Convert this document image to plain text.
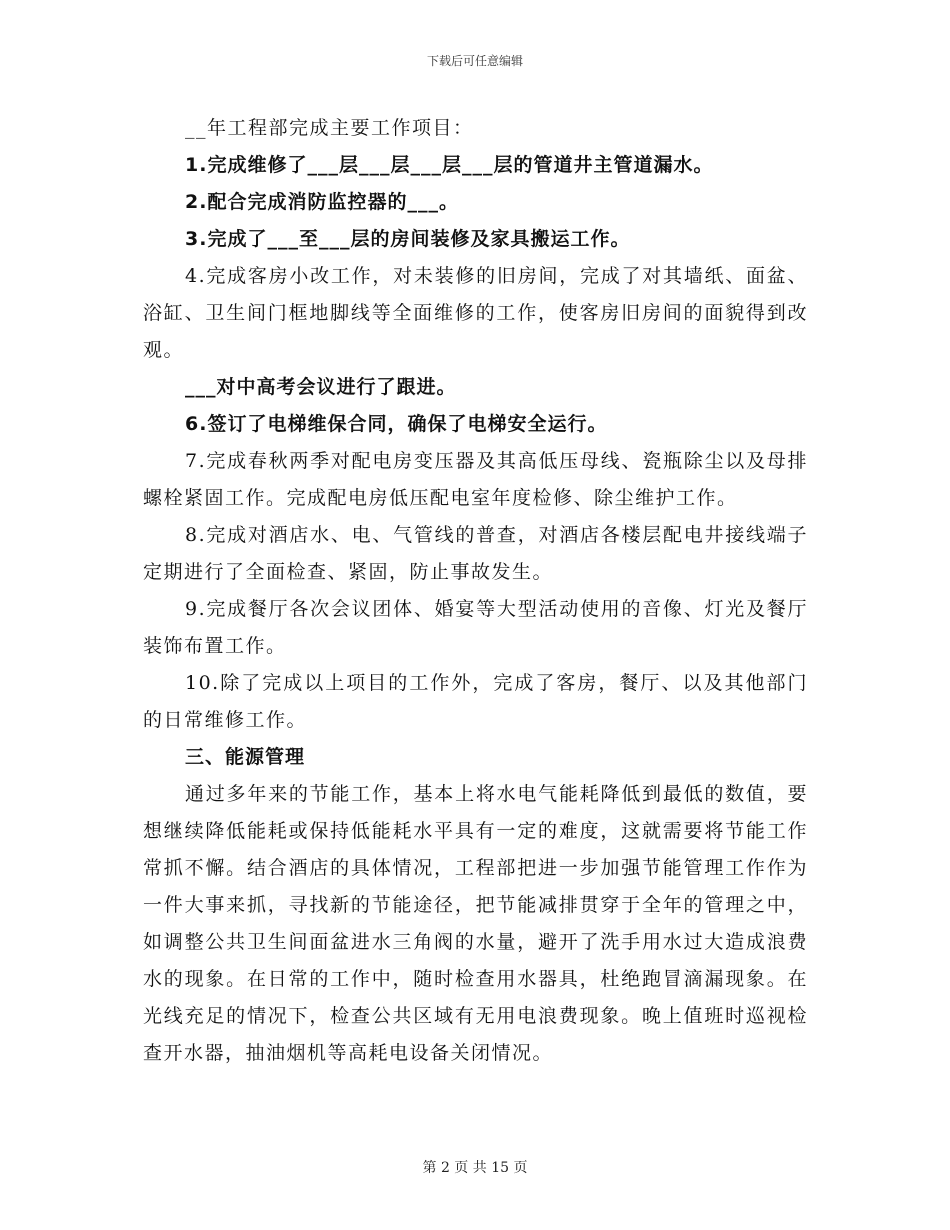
下载后可任意编辑

__年工程部完成主要工作项目：

1.完成维修了___层___层___层___层的管道井主管道漏水。

2.配合完成消防监控器的___。

3.完成了___至___层的房间装修及家具搬运工作。

4.完成客房小改工作，对未装修的旧房间，完成了对其墙纸、面盆、浴缸、卫生间门框地脚线等全面维修的工作，使客房旧房间的面貌得到改观。

___对中高考会议进行了跟进。

6.签订了电梯维保合同，确保了电梯安全运行。

7.完成春秋两季对配电房变压器及其高低压母线、瓷瓶除尘以及母排螺栓紧固工作。完成配电房低压配电室年度检修、除尘维护工作。

8.完成对酒店水、电、气管线的普查，对酒店各楼层配电井接线端子定期进行了全面检查、紧固，防止事故发生。

9.完成餐厅各次会议团体、婚宴等大型活动使用的音像、灯光及餐厅装饰布置工作。

10.除了完成以上项目的工作外，完成了客房，餐厅、以及其他部门的日常维修工作。

三、能源管理

通过多年来的节能工作，基本上将水电气能耗降低到最低的数值，要想继续降低能耗或保持低能耗水平具有一定的难度，这就需要将节能工作常抓不懈。结合酒店的具体情况，工程部把进一步加强节能管理工作作为一件大事来抓，寻找新的节能途径，把节能减排贯穿于全年的管理之中，如调整公共卫生间面盆进水三角阀的水量，避开了洗手用水过大造成浪费水的现象。在日常的工作中，随时检查用水器具，杜绝跑冒滴漏现象。在光线充足的情况下，检查公共区域有无用电浪费现象。晚上值班时巡视检查开水器，抽油烟机等高耗电设备关闭情况。

第 2 页 共 15 页
